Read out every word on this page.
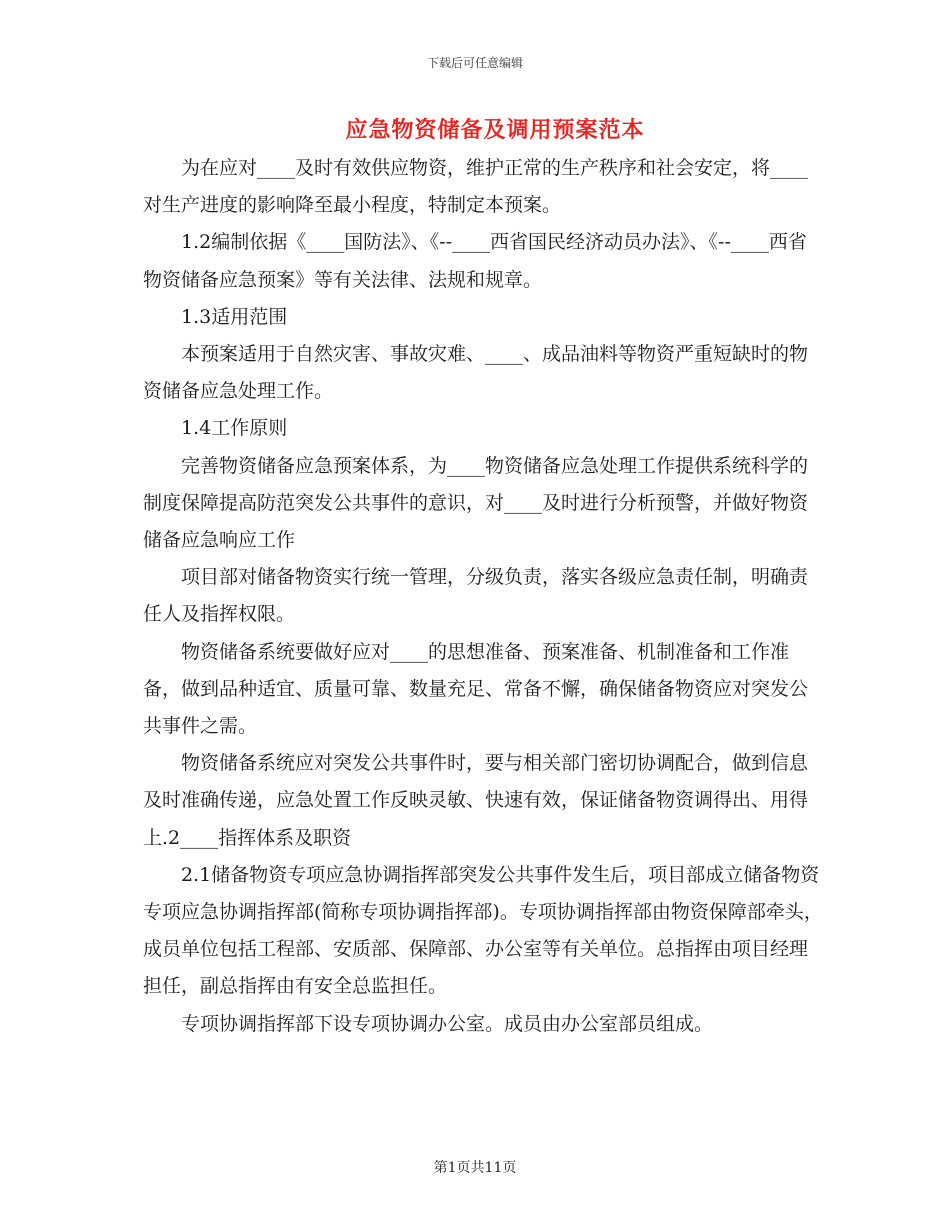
下载后可任意编辑
应急物资储备及调用预案范本

为在应对____及时有效供应物资，维护正常的生产秩序和社会安定，将____对生产进度的影响降至最小程度，特制定本预案。

1.2编制依据《____国防法》、《--____西省国民经济动员办法》、《--____西省物资储备应急预案》等有关法律、法规和规章。

1.3适用范围

本预案适用于自然灾害、事故灾难、____、成品油料等物资严重短缺时的物资储备应急处理工作。

1.4工作原则

完善物资储备应急预案体系，为____物资储备应急处理工作提供系统科学的制度保障提高防范突发公共事件的意识，对____及时进行分析预警，并做好物资储备应急响应工作

项目部对储备物资实行统一管理，分级负责，落实各级应急责任制，明确责任人及指挥权限。

物资储备系统要做好应对____的思想准备、预案准备、机制准备和工作准备，做到品种适宜、质量可靠、数量充足、常备不懈，确保储备物资应对突发公共事件之需。

物资储备系统应对突发公共事件时，要与相关部门密切协调配合，做到信息及时准确传递，应急处置工作反映灵敏、快速有效，保证储备物资调得出、用得上.2____指挥体系及职资

2.1储备物资专项应急协调指挥部突发公共事件发生后，项目部成立储备物资专项应急协调指挥部(简称专项协调指挥部)。专项协调指挥部由物资保障部牵头，成员单位包括工程部、安质部、保障部、办公室等有关单位。总指挥由项目经理担任，副总指挥由有安全总监担任。

专项协调指挥部下设专项协调办公室。成员由办公室部员组成。

第1页共11页
